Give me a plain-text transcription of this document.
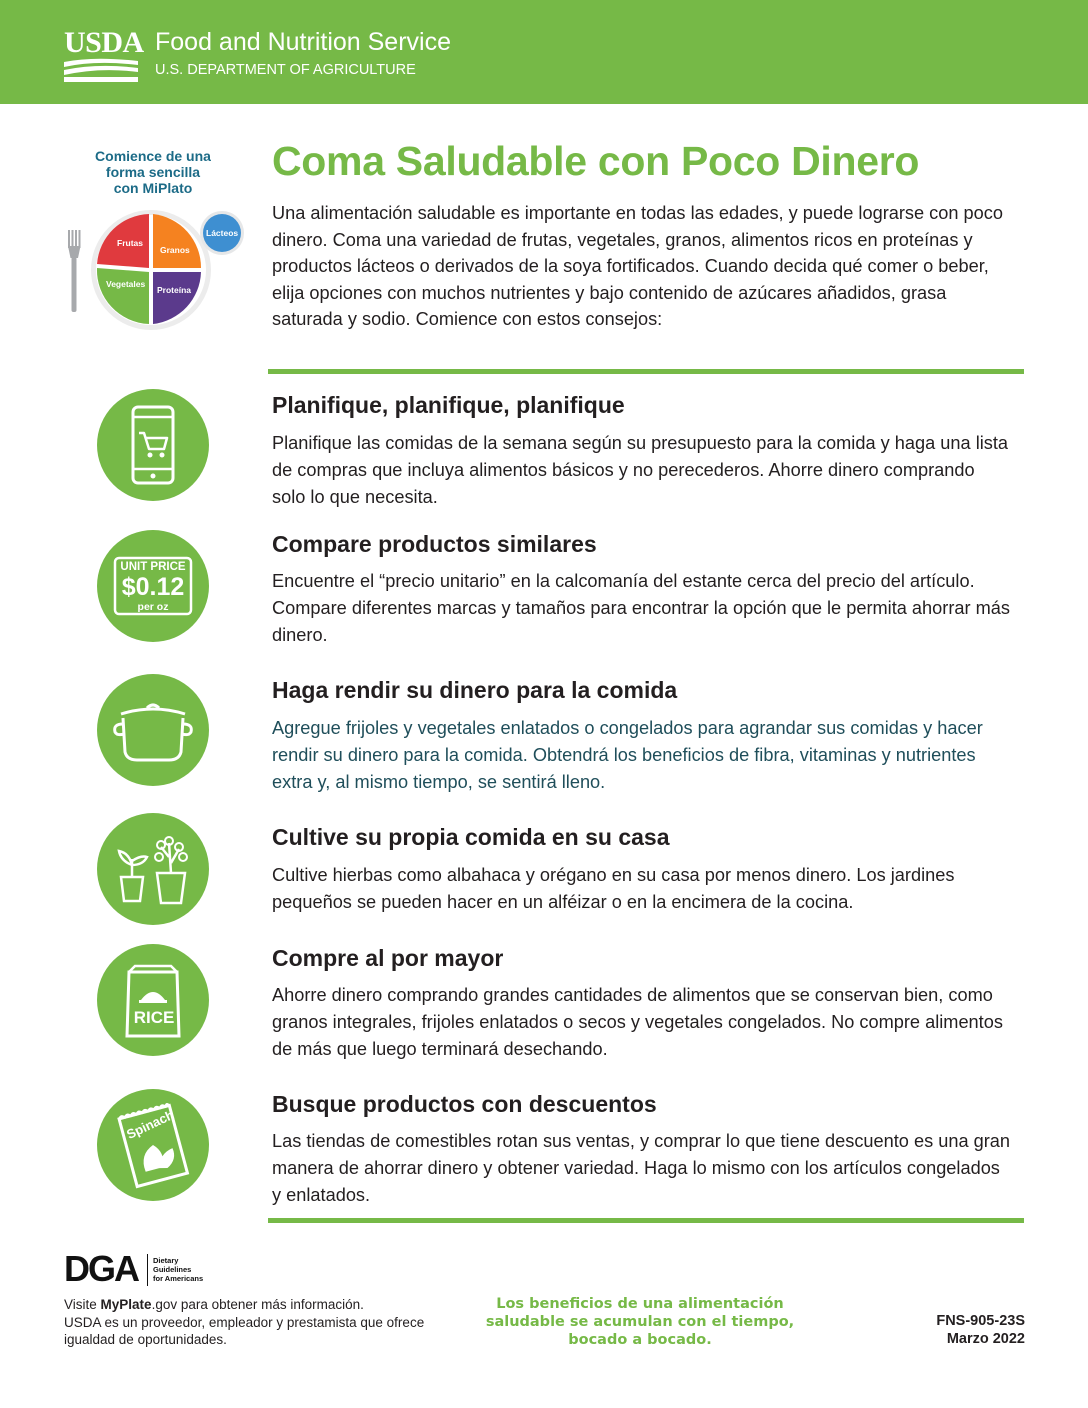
USDA Food and Nutrition Service
U.S. DEPARTMENT OF AGRICULTURE
Comience de una
forma sencilla
con MiPlato
Frutas
Granos
Vegetales
Proteína
Lácteos
Coma Saludable con Poco Dinero
Una alimentación saludable es importante en todas las edades, y puede lograrse con poco dinero. Coma una variedad de frutas, vegetales, granos, alimentos ricos en proteínas y productos lácteos o derivados de la soya fortificados. Cuando decida qué comer o beber, elija opciones con muchos nutrientes y bajo contenido de azúcares añadidos, grasa saturada y sodio. Comience con estos consejos:
Planifique, planifique, planifique
Planifique las comidas de la semana según su presupuesto para la comida y haga una lista de compras que incluya alimentos básicos y no perecederos. Ahorre dinero comprando solo lo que necesita.
UNIT PRICE
$0.12
per oz
Compare productos similares
Encuentre el “precio unitario” en la calcomanía del estante cerca del precio del artículo. Compare diferentes marcas y tamaños para encontrar la opción que le permita ahorrar más dinero.
Haga rendir su dinero para la comida
Agregue frijoles y vegetales enlatados o congelados para agrandar sus comidas y hacer rendir su dinero para la comida. Obtendrá los beneficios de fibra, vitaminas y nutrientes extra y, al mismo tiempo, se sentirá lleno.
Cultive su propia comida en su casa
Cultive hierbas como albahaca y orégano en su casa por menos dinero. Los jardines pequeños se pueden hacer en un alféizar o en la encimera de la cocina.
RICE
Compre al por mayor
Ahorre dinero comprando grandes cantidades de alimentos que se conservan bien, como granos integrales, frijoles enlatados o secos y vegetales congelados. No compre alimentos de más que luego terminará desechando.
Spinach
Busque productos con descuentos
Las tiendas de comestibles rotan sus ventas, y comprar lo que tiene descuento es una gran manera de ahorrar dinero y obtener variedad. Haga lo mismo con los artículos congelados y enlatados.
DGA Dietary
Guidelines
for Americans
Visite MyPlate.gov para obtener más información.
USDA es un proveedor, empleador y prestamista que ofrece igualdad de oportunidades.
Los beneficios de una alimentación
saludable se acumulan con el tiempo,
bocado a bocado.
FNS-905-23S
Marzo 2022
